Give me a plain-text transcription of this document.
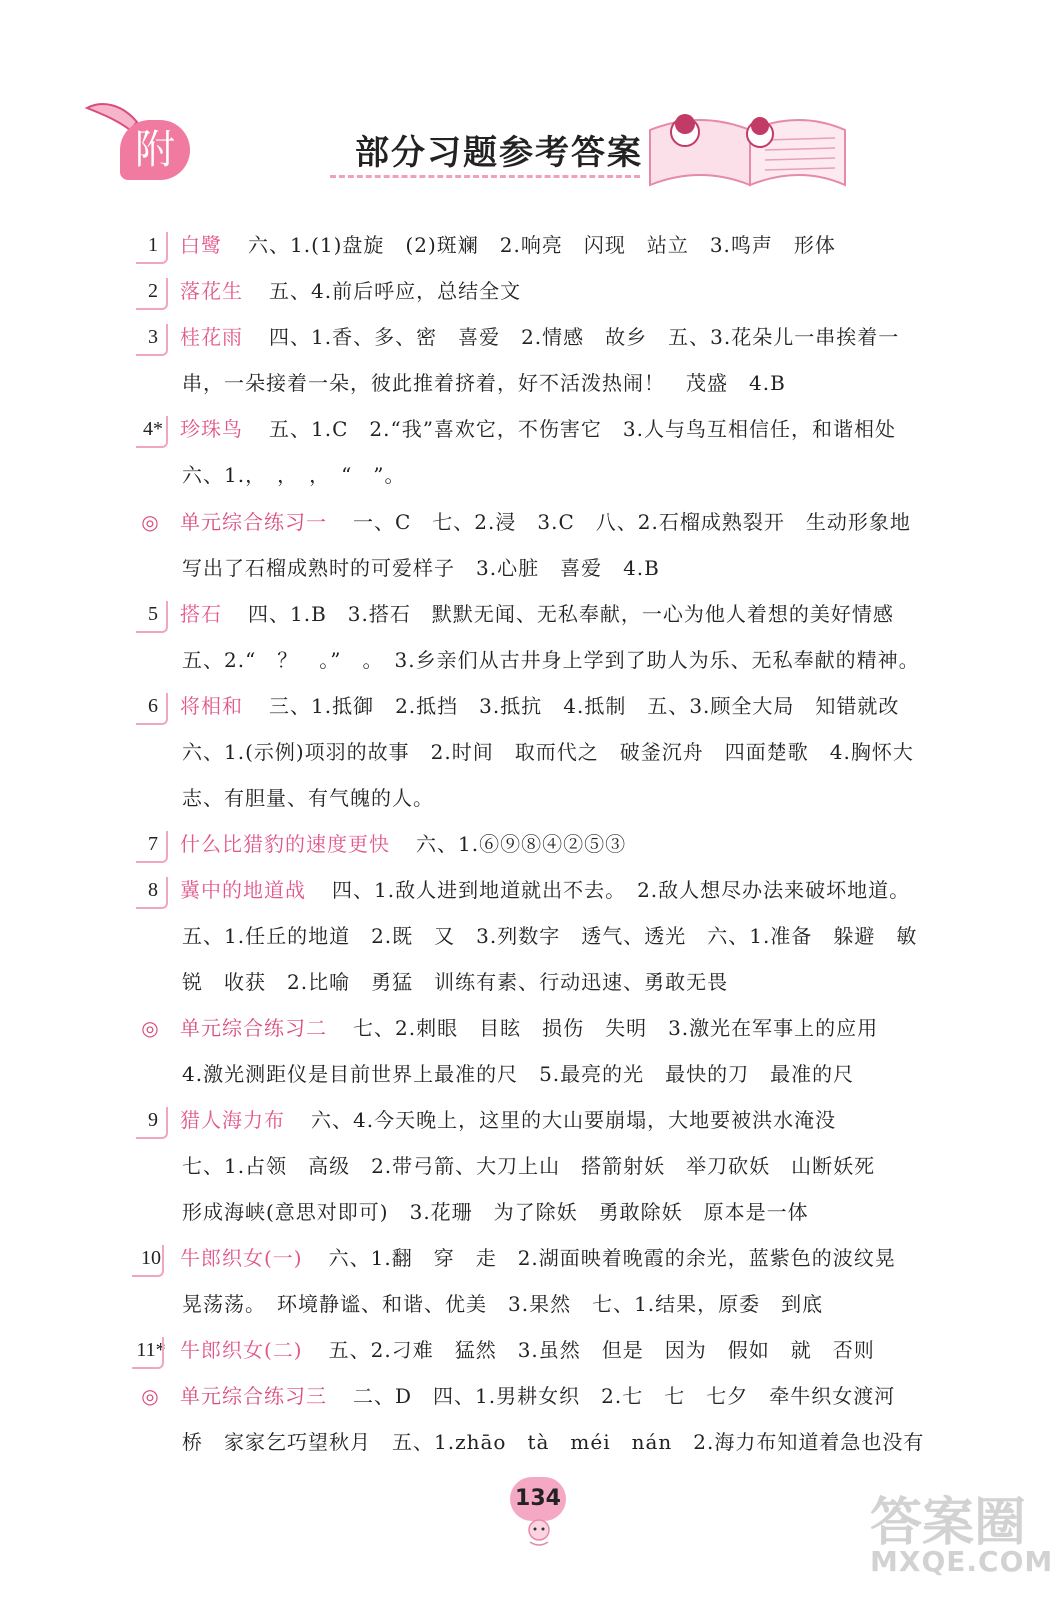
附	部分习题参考答案
1	白鹭 六、1.(1)盘旋　(2)斑斓　2.响亮　闪现　站立　3.鸣声　形体
2	落花生 五、4.前后呼应，总结全文
3	桂花雨 四、1.香、多、密　喜爱　2.情感　故乡　五、3.花朵儿一串挨着一
串，一朵接着一朵，彼此推着挤着，好不活泼热闹！　茂盛　4.B
4* 珍珠鸟 五、1.C　2.“我”喜欢它，不伤害它　3.人与鸟互相信任，和谐相处
六、1.，　，　，　“　”。
◎ 单元综合练习一 一、C　七、2.浸　3.C　八、2.石榴成熟裂开　生动形象地
写出了石榴成熟时的可爱样子　3.心脏　喜爱　4.B
5	搭石 四、1.B　3.搭石　默默无闻、无私奉献，一心为他人着想的美好情感
五、2.“　？　。”　。　3.乡亲们从古井身上学到了助人为乐、无私奉献的精神。
6	将相和 三、1.抵御　2.抵挡　3.抵抗　4.抵制　五、3.顾全大局　知错就改
六、1.(示例)项羽的故事　2.时间　取而代之　破釜沉舟　四面楚歌　4.胸怀大
志、有胆量、有气魄的人。
7	什么比猎豹的速度更快 六、1.⑥⑨⑧④②⑤③
8	冀中的地道战 四、1.敌人进到地道就出不去。　2.敌人想尽办法来破坏地道。
五、1.任丘的地道　2.既　又　3.列数字　透气、透光　六、1.准备　躲避　敏
锐　收获　2.比喻　勇猛　训练有素、行动迅速、勇敢无畏
◎ 单元综合练习二 七、2.刺眼　目眩　损伤　失明　3.激光在军事上的应用
4.激光测距仪是目前世界上最准的尺　5.最亮的光　最快的刀　最准的尺
9	猎人海力布 六、4.今天晚上，这里的大山要崩塌，大地要被洪水淹没
七、1.占领　高级　2.带弓箭、大刀上山　搭箭射妖　举刀砍妖　山断妖死
形成海峡(意思对即可)　3.花珊　为了除妖　勇敢除妖　原本是一体
10 牛郎织女(一) 六、1.翻　穿　走　2.湖面映着晚霞的余光，蓝紫色的波纹晃
晃荡荡。　环境静谧、和谐、优美　3.果然　七、1.结果，原委　到底
11* 牛郎织女(二) 五、2.刁难　猛然　3.虽然　但是　因为　假如　就　否则
◎ 单元综合练习三 二、D　四、1.男耕女织　2.七　七　七夕　牵牛织女渡河
桥　家家乞巧望秋月　五、1.zhāo　tà　méi　nán　2.海力布知道着急也没有
134	答案圈
MXQE.COM
